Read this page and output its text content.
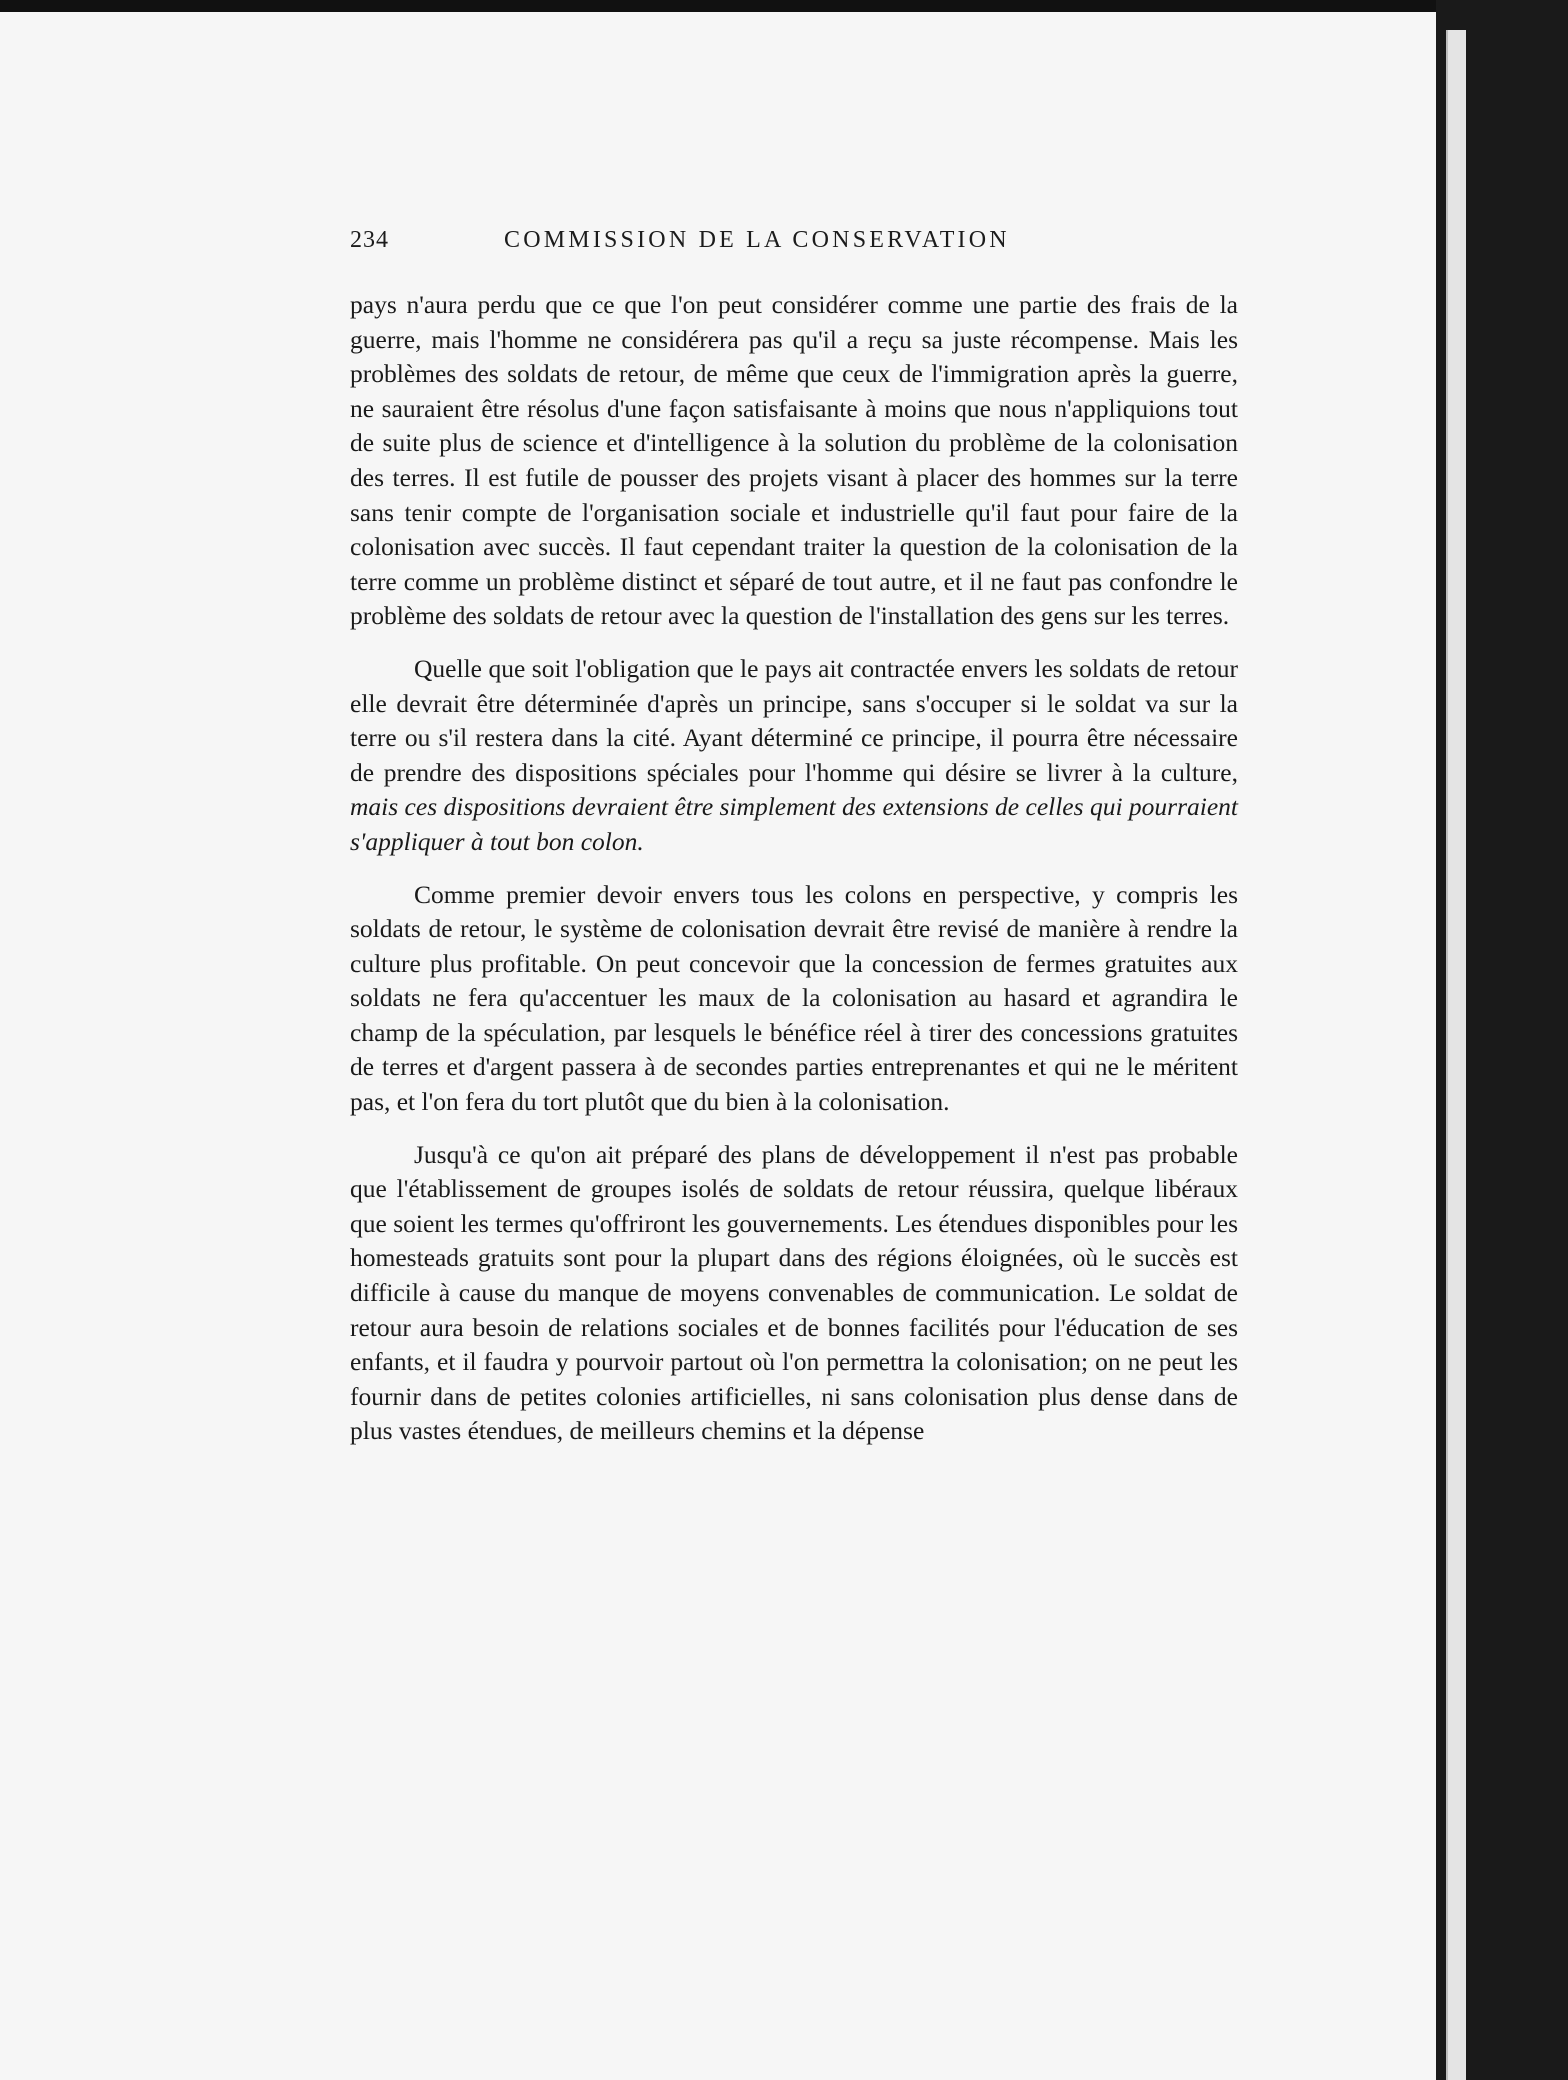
234	COMMISSION DE LA CONSERVATION

pays n'aura perdu que ce que l'on peut considérer comme une partie des frais de la guerre, mais l'homme ne considérera pas qu'il a reçu sa juste récompense. Mais les problèmes des soldats de retour, de même que ceux de l'immigration après la guerre, ne sauraient être résolus d'une façon satisfaisante à moins que nous n'appliquions tout de suite plus de science et d'intelligence à la solution du problème de la colonisation des terres. Il est futile de pousser des projets visant à placer des hommes sur la terre sans tenir compte de l'organisation sociale et industrielle qu'il faut pour faire de la colonisation avec succès. Il faut cependant traiter la question de la colonisation de la terre comme un problème distinct et séparé de tout autre, et il ne faut pas confondre le problème des soldats de retour avec la question de l'installation des gens sur les terres.

Quelle que soit l'obligation que le pays ait contractée envers les soldats de retour elle devrait être déterminée d'après un principe, sans s'occuper si le soldat va sur la terre ou s'il restera dans la cité. Ayant déterminé ce principe, il pourra être nécessaire de prendre des dispositions spéciales pour l'homme qui désire se livrer à la culture, mais ces dispositions devraient être simplement des extensions de celles qui pourraient s'appliquer à tout bon colon.

Comme premier devoir envers tous les colons en perspective, y compris les soldats de retour, le système de colonisation devrait être revisé de manière à rendre la culture plus profitable. On peut concevoir que la concession de fermes gratuites aux soldats ne fera qu'accentuer les maux de la colonisation au hasard et agrandira le champ de la spéculation, par lesquels le bénéfice réel à tirer des concessions gratuites de terres et d'argent passera à de secondes parties entreprenantes et qui ne le méritent pas, et l'on fera du tort plutôt que du bien à la colonisation.

Jusqu'à ce qu'on ait préparé des plans de développement il n'est pas probable que l'établissement de groupes isolés de soldats de retour réussira, quelque libéraux que soient les termes qu'offriront les gouvernements. Les étendues disponibles pour les homesteads gratuits sont pour la plupart dans des régions éloignées, où le succès est difficile à cause du manque de moyens convenables de communication. Le soldat de retour aura besoin de relations sociales et de bonnes facilités pour l'éducation de ses enfants, et il faudra y pourvoir partout où l'on permettra la colonisation; on ne peut les fournir dans de petites colonies artificielles, ni sans colonisation plus dense dans de plus vastes étendues, de meilleurs chemins et la dépense
